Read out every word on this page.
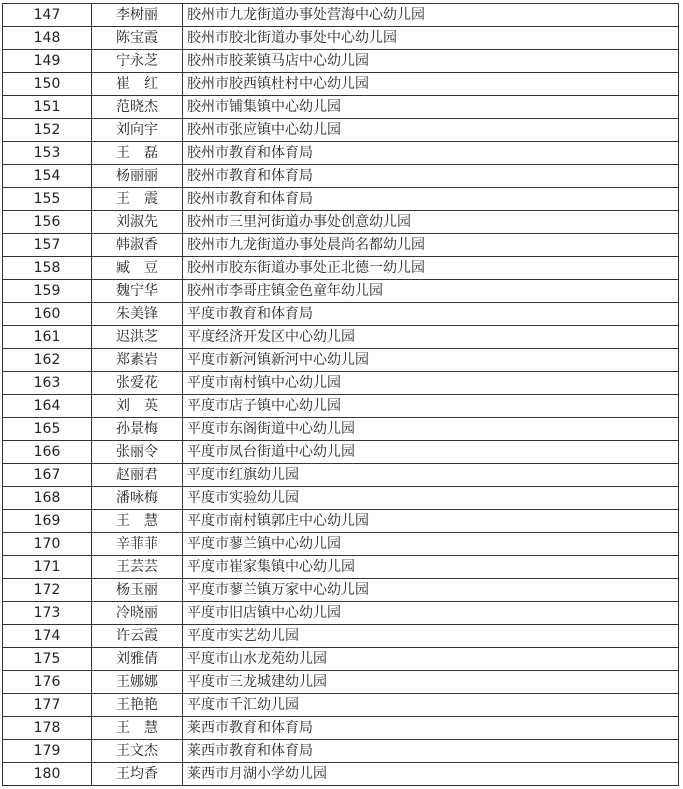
147	李树丽	胶州市九龙街道办事处营海中心幼儿园
148	陈宝霞	胶州市胶北街道办事处中心幼儿园
149	宁永芝	胶州市胶莱镇马店中心幼儿园
150	崔　红	胶州市胶西镇杜村中心幼儿园
151	范晓杰	胶州市铺集镇中心幼儿园
152	刘向宇	胶州市张应镇中心幼儿园
153	王　磊	胶州市教育和体育局
154	杨丽丽	胶州市教育和体育局
155	王　震	胶州市教育和体育局
156	刘淑先	胶州市三里河街道办事处创意幼儿园
157	韩淑香	胶州市九龙街道办事处晨尚名都幼儿园
158	臧　豆	胶州市胶东街道办事处正北德一幼儿园
159	魏宁华	胶州市李哥庄镇金色童年幼儿园
160	朱美锋	平度市教育和体育局
161	迟洪芝	平度经济开发区中心幼儿园
162	郑素岩	平度市新河镇新河中心幼儿园
163	张爱花	平度市南村镇中心幼儿园
164	刘　英	平度市店子镇中心幼儿园
165	孙景梅	平度市东阁街道中心幼儿园
166	张丽令	平度市凤台街道中心幼儿园
167	赵丽君	平度市红旗幼儿园
168	潘咏梅	平度市实验幼儿园
169	王　慧	平度市南村镇郭庄中心幼儿园
170	辛菲菲	平度市蓼兰镇中心幼儿园
171	王芸芸	平度市崔家集镇中心幼儿园
172	杨玉丽	平度市蓼兰镇万家中心幼儿园
173	冷晓丽	平度市旧店镇中心幼儿园
174	许云霞	平度市实艺幼儿园
175	刘雅倩	平度市山水龙苑幼儿园
176	王娜娜	平度市三龙城建幼儿园
177	王艳艳	平度市千汇幼儿园
178	王　慧	莱西市教育和体育局
179	王文杰	莱西市教育和体育局
180	王均香	莱西市月湖小学幼儿园
